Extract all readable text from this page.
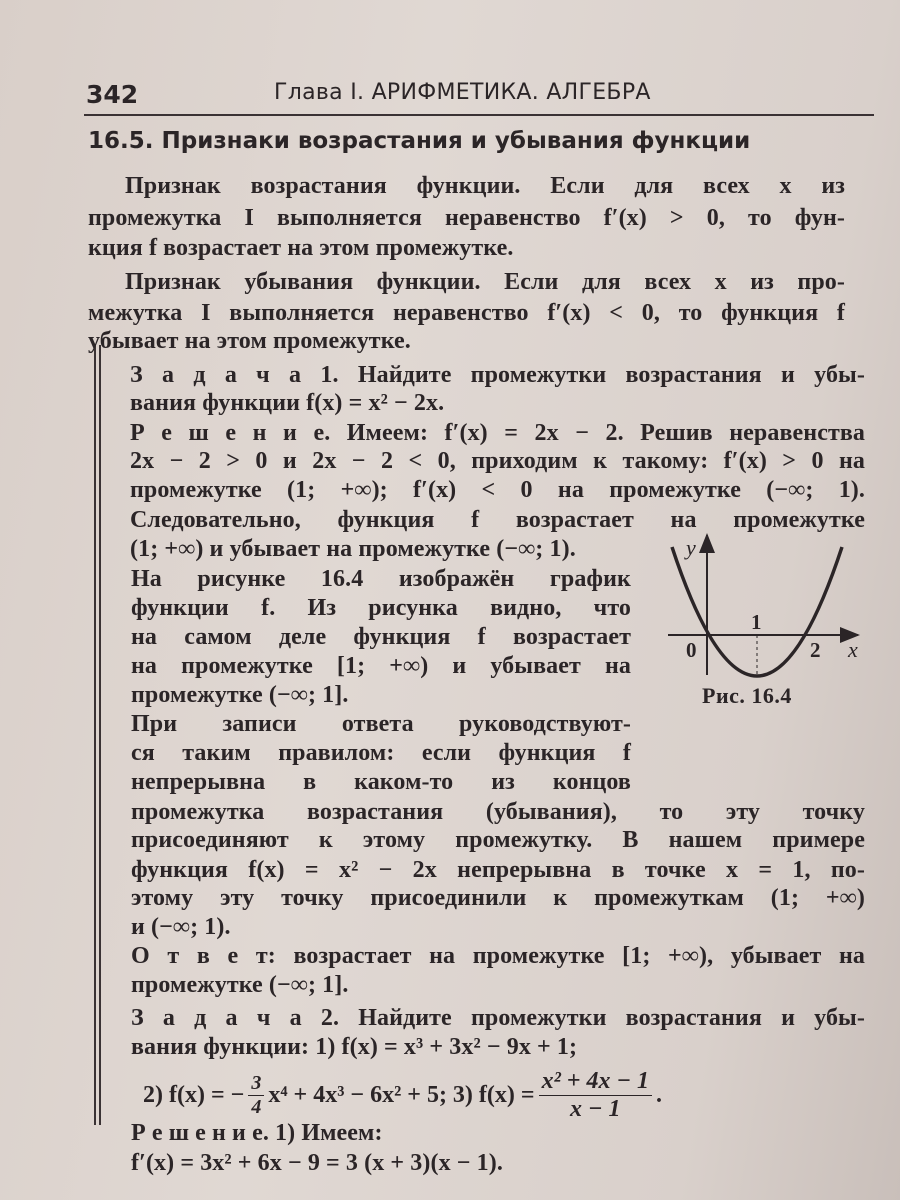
342	Глава I. АРИФМЕТИКА. АЛГЕБРА
16.5. Признаки возрастания и убывания функции
Признак возрастания функции. Если для всех x из
промежутка I выполняется неравенство f′(x) > 0, то фун-
кция f возрастает на этом промежутке.
Признак убывания функции. Если для всех x из про-
межутка I выполняется неравенство f′(x) < 0, то функция f
убывает на этом промежутке.
З а д а ч а 1. Найдите промежутки возрастания и убы-
вания функции f(x) = x² − 2x.
Р е ш е н и е. Имеем: f′(x) = 2x − 2. Решив неравенства
2x − 2 > 0 и 2x − 2 < 0, приходим к такому: f′(x) > 0 на
промежутке (1; +∞); f′(x) < 0 на промежутке (−∞; 1).
Следовательно, функция f возрастает на промежутке
(1; +∞) и убывает на промежутке (−∞; 1).
На рисунке 16.4 изображён график
функции f. Из рисунка видно, что
на самом деле функция f возрастает
на промежутке [1; +∞) и убывает на
промежутке (−∞; 1].
При записи ответа руководствуют-
ся таким правилом: если функция f
непрерывна в каком-то из концов
промежутка возрастания (убывания), то эту точку
присоединяют к этому промежутку. В нашем примере
функция f(x) = x² − 2x непрерывна в точке x = 1, по-
этому эту точку присоединили к промежуткам (1; +∞)
и (−∞; 1).
О т в е т: возрастает на промежутке [1; +∞), убывает на
промежутке (−∞; 1].
З а д а ч а 2. Найдите промежутки возрастания и убы-
вания функции: 1) f(x) = x³ + 3x² − 9x + 1;
Р е ш е н и е. 1) Имеем:
f′(x) = 3x² + 6x − 9 = 3 (x + 3)(x − 1).
2) f(x) = − $\frac{3}{4} x^4 + 4x^3 - 6x^2 + 5$; 3) $f(x) = \frac{\text{x² + 4x − 1}}{x - 1}$ .
y
x
0
1
2
Рис. 16.4
